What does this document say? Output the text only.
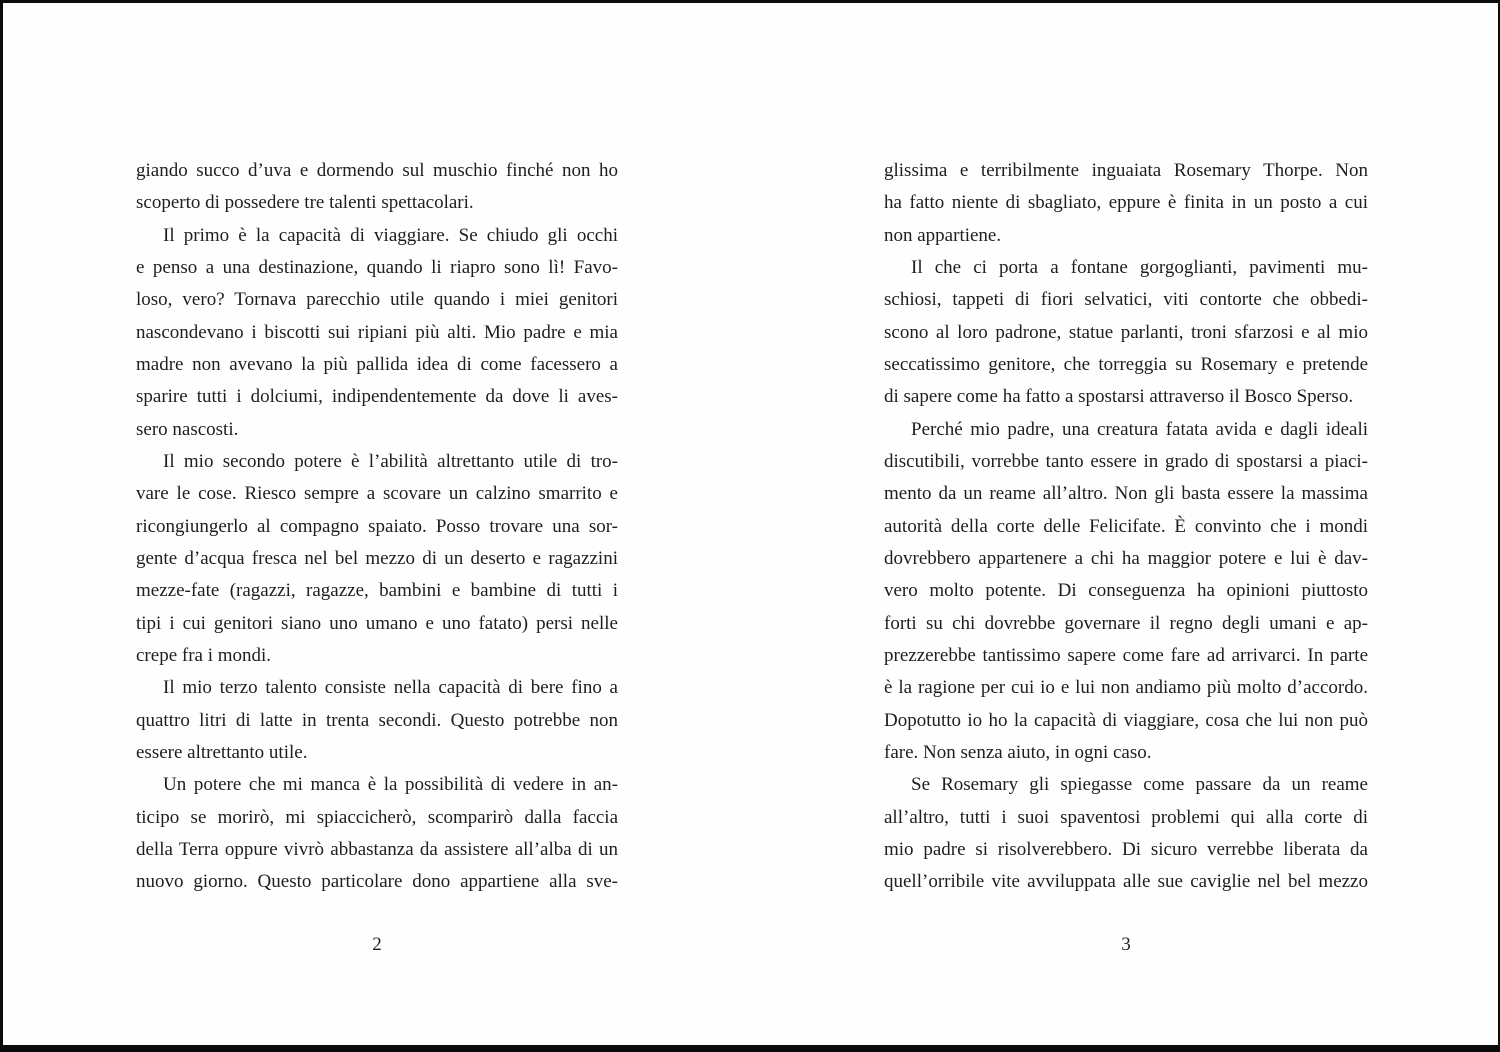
giando succo d’uva e dormendo sul muschio finché non ho
scoperto di possedere tre talenti spettacolari.
Il primo è la capacità di viaggiare. Se chiudo gli occhi
e penso a una destinazione, quando li riapro sono lì! Favo-
loso, vero? Tornava parecchio utile quando i miei genitori
nascondevano i biscotti sui ripiani più alti. Mio padre e mia
madre non avevano la più pallida idea di come facessero a
sparire tutti i dolciumi, indipendentemente da dove li aves-
sero nascosti.
Il mio secondo potere è l’abilità altrettanto utile di tro-
vare le cose. Riesco sempre a scovare un calzino smarrito e
ricongiungerlo al compagno spaiato. Posso trovare una sor-
gente d’acqua fresca nel bel mezzo di un deserto e ragazzini
mezze-fate (ragazzi, ragazze, bambini e bambine di tutti i
tipi i cui genitori siano uno umano e uno fatato) persi nelle
crepe fra i mondi.
Il mio terzo talento consiste nella capacità di bere fino a
quattro litri di latte in trenta secondi. Questo potrebbe non
essere altrettanto utile.
Un potere che mi manca è la possibilità di vedere in an-
ticipo se morirò, mi spiaccicherò, scomparirò dalla faccia
della Terra oppure vivrò abbastanza da assistere all’alba di un
nuovo giorno. Questo particolare dono appartiene alla sve-
2
glissima e terribilmente inguaiata Rosemary Thorpe. Non
ha fatto niente di sbagliato, eppure è finita in un posto a cui
non appartiene.
Il che ci porta a fontane gorgoglianti, pavimenti mu-
schiosi, tappeti di fiori selvatici, viti contorte che obbedi-
scono al loro padrone, statue parlanti, troni sfarzosi e al mio
seccatissimo genitore, che torreggia su Rosemary e pretende
di sapere come ha fatto a spostarsi attraverso il Bosco Sperso.
Perché mio padre, una creatura fatata avida e dagli ideali
discutibili, vorrebbe tanto essere in grado di spostarsi a piaci-
mento da un reame all’altro. Non gli basta essere la massima
autorità della corte delle Felicifate. È convinto che i mondi
dovrebbero appartenere a chi ha maggior potere e lui è dav-
vero molto potente. Di conseguenza ha opinioni piuttosto
forti su chi dovrebbe governare il regno degli umani e ap-
prezzerebbe tantissimo sapere come fare ad arrivarci. In parte
è la ragione per cui io e lui non andiamo più molto d’accordo.
Dopotutto io ho la capacità di viaggiare, cosa che lui non può
fare. Non senza aiuto, in ogni caso.
Se Rosemary gli spiegasse come passare da un reame
all’altro, tutti i suoi spaventosi problemi qui alla corte di
mio padre si risolverebbero. Di sicuro verrebbe liberata da
quell’orribile vite avviluppata alle sue caviglie nel bel mezzo
3
